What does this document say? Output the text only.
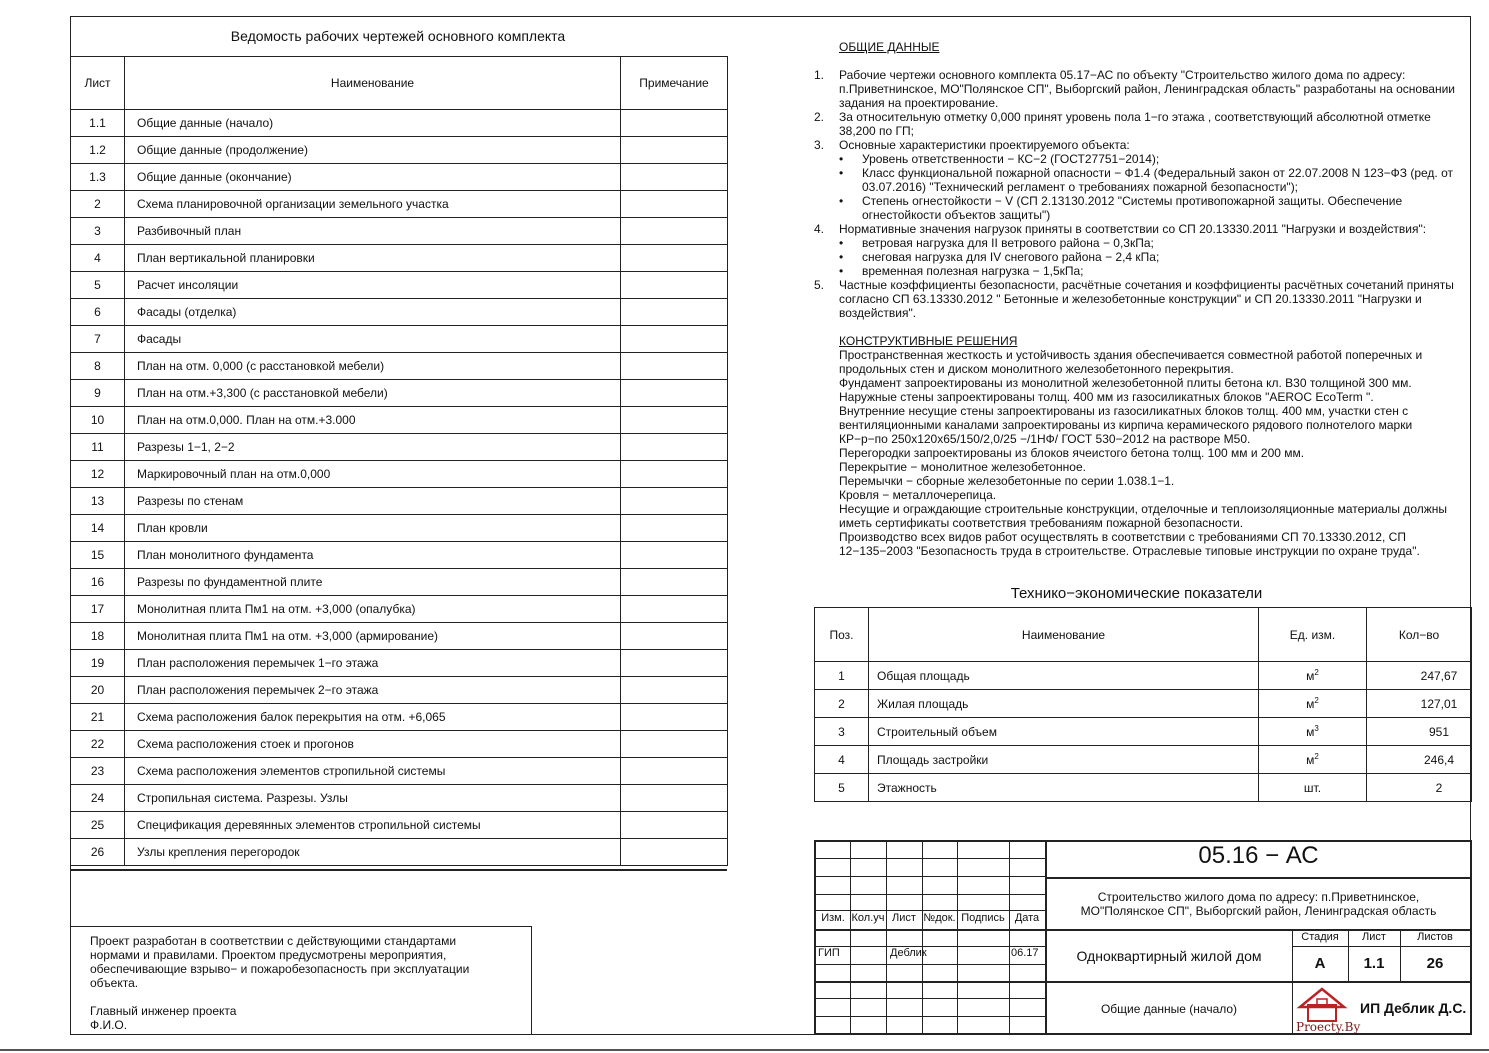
Ведомость рабочих чертежей основного комплекта
Лист	Наименование	Примечание
1.1	Общие данные (начало)	
1.2	Общие данные (продолжение)	
1.3	Общие данные (окончание)	
2	Схема планировочной организации земельного участка	
3	Разбивочный план	
4	План вертикальной планировки	
5	Расчет инсоляции	
6	Фасады (отделка)	
7	Фасады	
8	План на отм. 0,000 (с расстановкой мебели)	
9	План на отм.+3,300 (с расстановкой мебели)	
10	План на отм.0,000. План на отм.+3.000	
11	Разрезы 1−1, 2−2	
12	Маркировочный план на отм.0,000	
13	Разрезы по стенам	
14	План кровли	
15	План монолитного фундамента	
16	Разрезы по фундаментной плите	
17	Монолитная плита Пм1 на отм. +3,000 (опалубка)	
18	Монолитная плита Пм1 на отм. +3,000 (армирование)	
19	План расположения перемычек 1−го этажа	
20	План расположения перемычек 2−го этажа	
21	Схема расположения балок перекрытия на отм. +6,065	
22	Схема расположения стоек и прогонов	
23	Схема расположения элементов стропильной системы	
24	Стропильная система. Разрезы. Узлы	
25	Спецификация деревянных элементов стропильной системы	
26	Узлы крепления перегородок	
Проект разработан в соответствии с действующими стандартами
нормами и правилами. Проектом предусмотрены мероприятия,
обеспечивающие взрыво− и пожаробезопасность при эксплуатации
объекта.
Главный инженер проекта
Ф.И.О.
ОБЩИЕ ДАННЫЕ
1. Рабочие чертежи основного комплекта 05.17−АС по объекту "Строительство жилого дома по адресу: п.Приветнинское, МО"Полянское СП", Выборгский район, Ленинградская область" разработаны на основании задания на проектирование.
2. За относительную отметку 0,000 принят уровень пола 1−го этажа , соответствующий абсолютной отметке 38,200 по ГП;
3. Основные характеристики проектируемого объекта:
• Уровень ответственности − КС−2 (ГОСТ27751−2014);
• Класс функциональной пожарной опасности − Ф1.4 (Федеральный закон от 22.07.2008 N 123−ФЗ (ред. от 03.07.2016) "Технический регламент о требованиях пожарной безопасности");
• Степень огнестойкости − V (СП 2.13130.2012 "Системы противопожарной защиты. Обеспечение огнестойкости объектов защиты")
4. Нормативные значения нагрузок приняты в соответствии со СП 20.13330.2011 "Нагрузки и воздействия":
• ветровая нагрузка для II ветрового района − 0,3кПа;
• снеговая нагрузка для IV снегового района − 2,4 кПа;
• временная полезная нагрузка − 1,5кПа;
5. Частные коэффициенты безопасности, расчётные сочетания и коэффициенты расчётных сочетаний приняты согласно СП 63.13330.2012 " Бетонные и железобетонные конструкции" и СП 20.13330.2011 "Нагрузки и воздействия".
КОНСТРУКТИВНЫЕ РЕШЕНИЯ
Пространственная жесткость и устойчивость здания обеспечивается совместной работой поперечных и продольных стен и диском монолитного железобетонного перекрытия.
Фундамент запроектированы из монолитной железобетонной плиты бетона кл. В30 толщиной 300 мм.
Наружные стены запроектированы толщ. 400 мм из газосиликатных блоков "AEROC EcoTerm ".
Внутренние несущие стены запроектированы из газосиликатных блоков толщ. 400 мм, участки стен с вентиляционными каналами запроектированы из кирпича керамического рядового полнотелого марки КР−р−по 250х120х65/150/2,0/25 −/1НФ/ ГОСТ 530−2012 на растворе М50.
Перегородки запроектированы из блоков ячеистого бетона толщ. 100 мм и 200 мм.
Перекрытие − монолитное железобетонное.
Перемычки − сборные железобетонные по серии 1.038.1−1.
Кровля − металлочерепица.
Несущие и ограждающие строительные конструкции, отделочные и теплоизоляционные материалы должны иметь сертификаты соответствия требованиям пожарной безопасности.
Производство всех видов работ осуществлять в соответствии с требованиями СП 70.13330.2012, СП 12−135−2003 "Безопасность труда в строительстве. Отраслевые типовые инструкции по охране труда".
Технико−экономические показатели
Поз.	Наименование	Ед. изм.	Кол−во
1	Общая площадь	$м^2$	247,67
2	Жилая площадь	$м^2$	127,01
3	Строительный объем	$м^3$	951
4	Площадь застройки	$м^2$	246,4
5	Этажность	шт.	2
Изм. Кол.уч Лист №док. Подпись Дата
ГИП	Деблик	06.17
Стадия	Лист	Листов
А	1.1	26
05.16 − АС
Строительство жилого дома по адресу: п.Приветнинское,
МО"Полянское СП", Выборгский район, Ленинградская область
Одноквартирный жилой дом
Общие данные (начало)
Proecty.By
ИП Деблик Д.С.
